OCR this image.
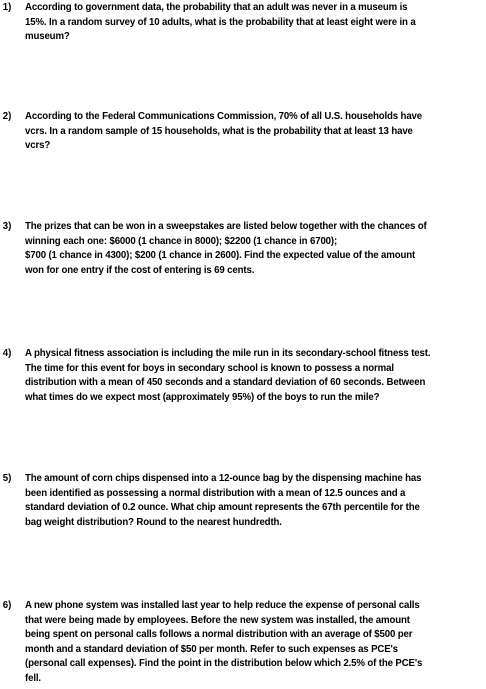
1)	According to government data, the probability that an adult was never in a museum is
15%. In a random survey of 10 adults, what is the probability that at least eight were in a
museum?
2)	According to the Federal Communications Commission, 70% of all U.S. households have
vcrs. In a random sample of 15 households, what is the probability that at least 13 have
vcrs?
3)	The prizes that can be won in a sweepstakes are listed below together with the chances of
winning each one: $6000 (1 chance in 8000); $2200 (1 chance in 6700);
$700 (1 chance in 4300); $200 (1 chance in 2600). Find the expected value of the amount
won for one entry if the cost of entering is 69 cents.
4)	A physical fitness association is including the mile run in its secondary-school fitness test.
The time for this event for boys in secondary school is known to possess a normal
distribution with a mean of 450 seconds and a standard deviation of 60 seconds. Between
what times do we expect most (approximately 95%) of the boys to run the mile?
5)	The amount of corn chips dispensed into a 12-ounce bag by the dispensing machine has
been identified as possessing a normal distribution with a mean of 12.5 ounces and a
standard deviation of 0.2 ounce. What chip amount represents the 67th percentile for the
bag weight distribution? Round to the nearest hundredth.
6)	A new phone system was installed last year to help reduce the expense of personal calls
that were being made by employees. Before the new system was installed, the amount
being spent on personal calls follows a normal distribution with an average of $500 per
month and a standard deviation of $50 per month. Refer to such expenses as PCE's
(personal call expenses). Find the point in the distribution below which 2.5% of the PCE's
fell.
